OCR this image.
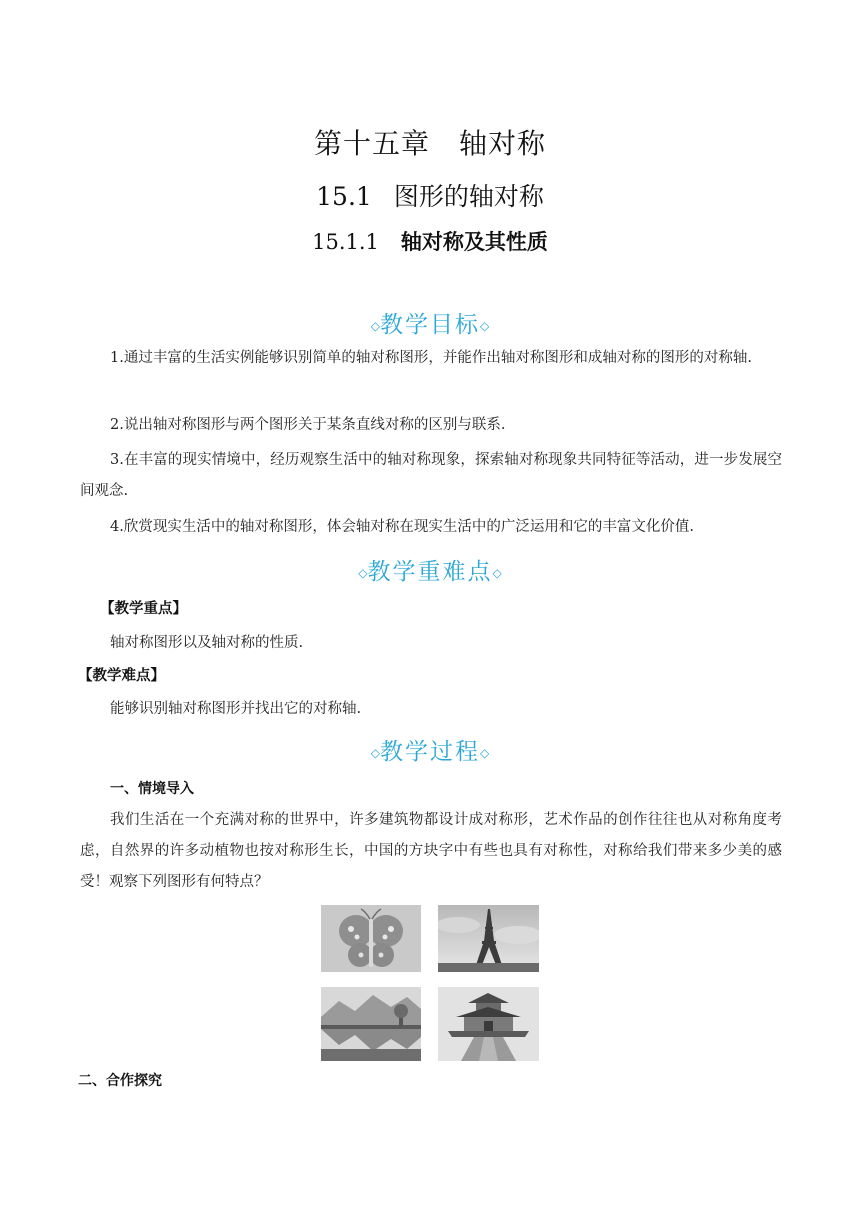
第十五章　轴对称
15.1 图形的轴对称
15.1.1 轴对称及其性质
◇教学目标◇
1.通过丰富的生活实例能够识别简单的轴对称图形，并能作出轴对称图形和成轴对称的图形的对称轴.
2.说出轴对称图形与两个图形关于某条直线对称的区别与联系.
3.在丰富的现实情境中，经历观察生活中的轴对称现象，探索轴对称现象共同特征等活动，进一步发展空间观念.
4.欣赏现实生活中的轴对称图形，体会轴对称在现实生活中的广泛运用和它的丰富文化价值.
◇教学重难点◇
【教学重点】
轴对称图形以及轴对称的性质.
【教学难点】
能够识别轴对称图形并找出它的对称轴.
◇教学过程◇
一、情境导入
我们生活在一个充满对称的世界中，许多建筑物都设计成对称形，艺术作品的创作往往也从对称角度考虑，自然界的许多动植物也按对称形生长，中国的方块字中有些也具有对称性，对称给我们带来多少美的感受！观察下列图形有何特点？
二、合作探究
